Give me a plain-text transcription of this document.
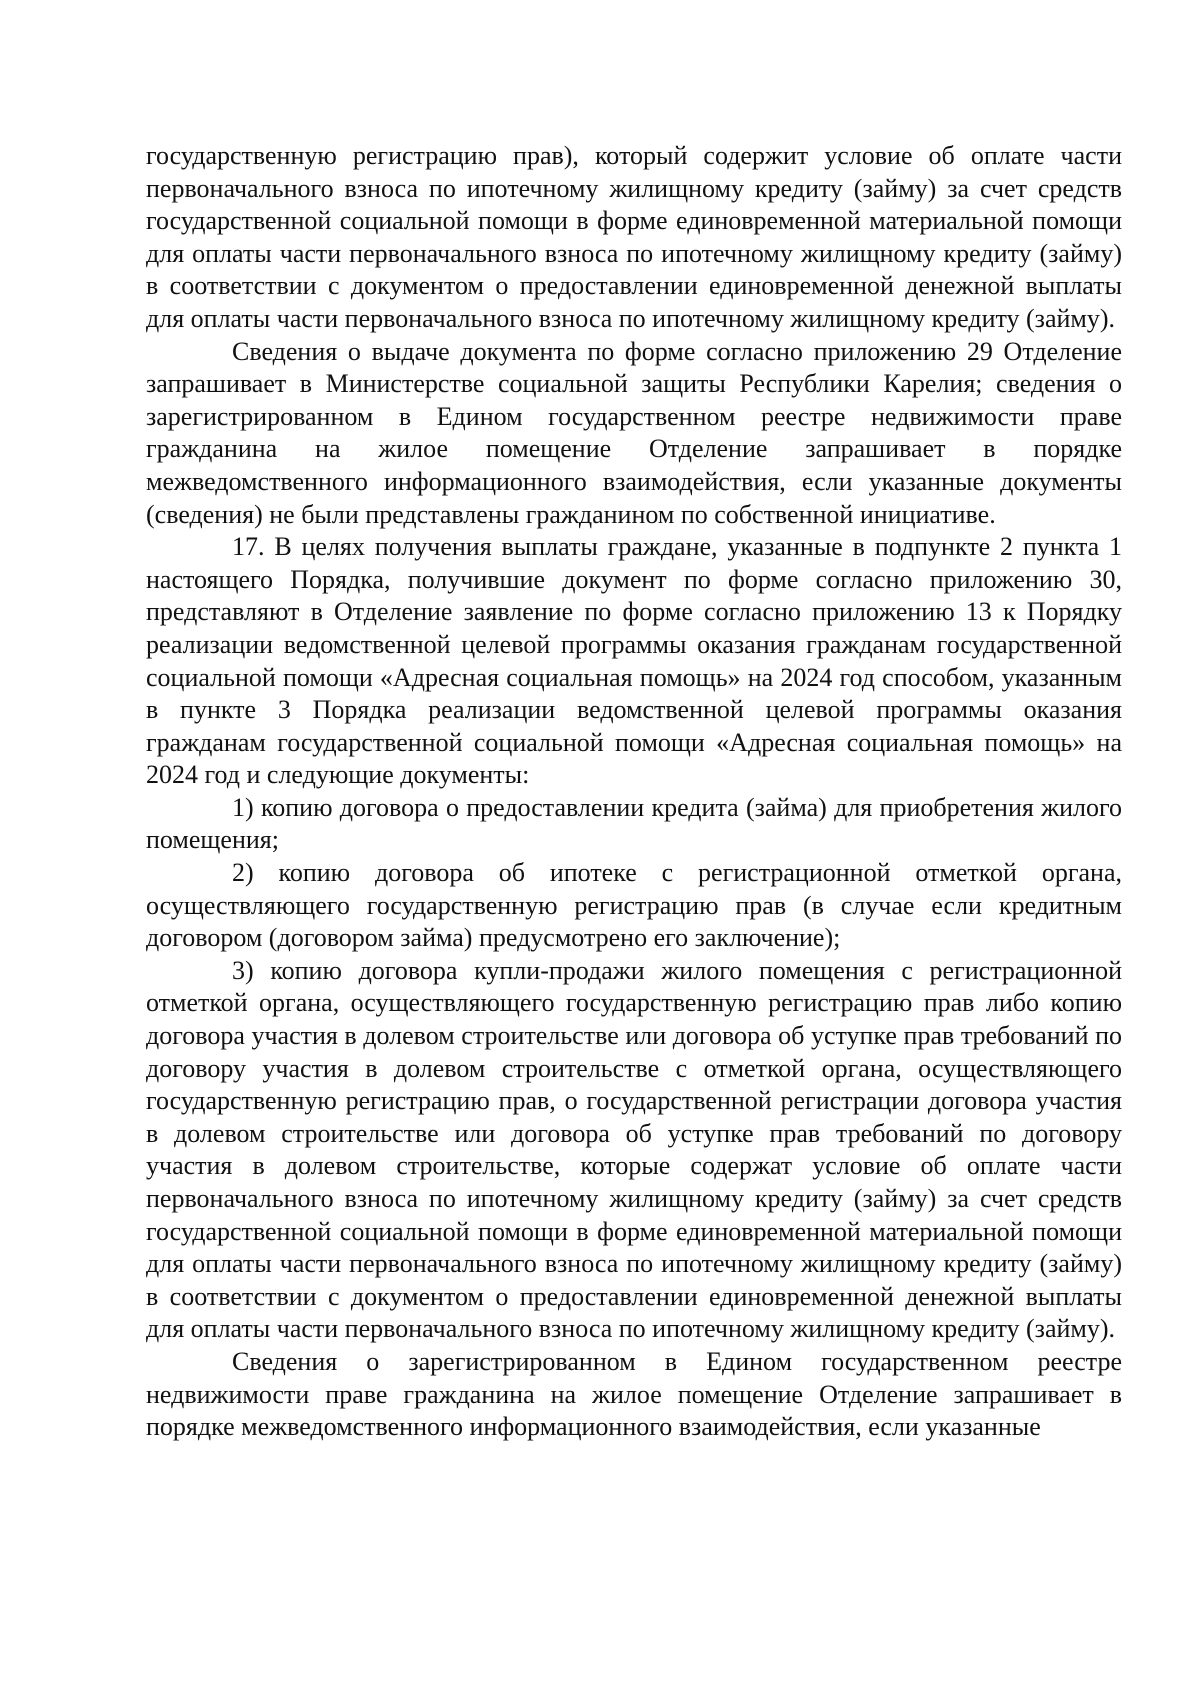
государственную регистрацию прав), который содержит условие об оплате части первоначального взноса по ипотечному жилищному кредиту (займу) за счет средств государственной социальной помощи в форме единовременной материальной помощи для оплаты части первоначального взноса по ипотечному жилищному кредиту (займу) в соответствии с документом о предоставлении единовременной денежной выплаты для оплаты части первоначального взноса по ипотечному жилищному кредиту (займу).

Сведения о выдаче документа по форме согласно приложению 29 Отделение запрашивает в Министерстве социальной защиты Республики Карелия; сведения о зарегистрированном в Едином государственном реестре недвижимости праве гражданина на жилое помещение Отделение запрашивает в порядке межведомственного информационного взаимодействия, если указанные документы (сведения) не были представлены гражданином по собственной инициативе.

17. В целях получения выплаты граждане, указанные в подпункте 2 пункта 1 настоящего Порядка, получившие документ по форме согласно приложению 30, представляют в Отделение заявление по форме согласно приложению 13 к Порядку реализации ведомственной целевой программы оказания гражданам государственной социальной помощи «Адресная социальная помощь» на 2024 год способом, указанным в пункте 3 Порядка реализации ведомственной целевой программы оказания гражданам государственной социальной помощи «Адресная социальная помощь» на 2024 год и следующие документы:

1) копию договора о предоставлении кредита (займа) для приобретения жилого помещения;

2) копию договора об ипотеке с регистрационной отметкой органа, осуществляющего государственную регистрацию прав (в случае если кредитным договором (договором займа) предусмотрено его заключение);

3) копию договора купли-продажи жилого помещения с регистрационной отметкой органа, осуществляющего государственную регистрацию прав либо копию договора участия в долевом строительстве или договора об уступке прав требований по договору участия в долевом строительстве с отметкой органа, осуществляющего государственную регистрацию прав, о государственной регистрации договора участия в долевом строительстве или договора об уступке прав требований по договору участия в долевом строительстве, которые содержат условие об оплате части первоначального взноса по ипотечному жилищному кредиту (займу) за счет средств государственной социальной помощи в форме единовременной материальной помощи для оплаты части первоначального взноса по ипотечному жилищному кредиту (займу) в соответствии с документом о предоставлении единовременной денежной выплаты для оплаты части первоначального взноса по ипотечному жилищному кредиту (займу).

Сведения о зарегистрированном в Едином государственном реестре недвижимости праве гражданина на жилое помещение Отделение запрашивает в порядке межведомственного информационного взаимодействия, если указанные
